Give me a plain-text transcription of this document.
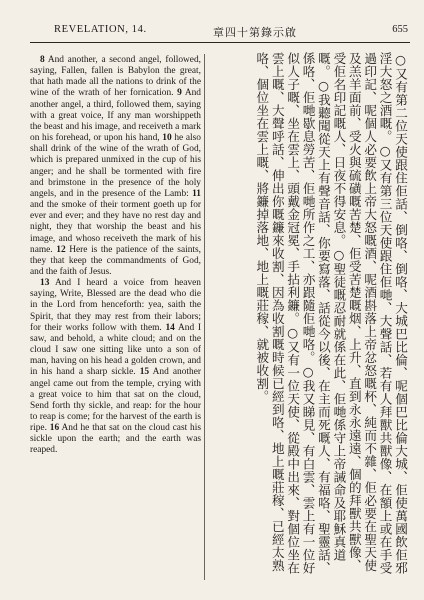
REVELATION, 14.	章四十第錄示啟	655

8 And another, a second angel, followed, saying, Fallen, fallen is Babylon the great, that hath made all the nations to drink of the wine of the wrath of her fornication. 9 And another angel, a third, followed them, saying with a great voice, If any man worshippeth the beast and his image, and receiveth a mark on his forehead, or upon his hand, 10 he also shall drink of the wine of the wrath of God, which is prepared unmixed in the cup of his anger; and he shall be tormented with fire and brimstone in the presence of the holy angels, and in the presence of the Lamb: 11 and the smoke of their torment goeth up for ever and ever; and they have no rest day and night, they that worship the beast and his image, and whoso receiveth the mark of his name. 12 Here is the patience of the saints, they that keep the commandments of God, and the faith of Jesus.

13 And I heard a voice from heaven saying, Write, Blessed are the dead who die in the Lord from henceforth: yea, saith the Spirit, that they may rest from their labors; for their works follow with them. 14 And I saw, and behold, a white cloud; and on the cloud I saw one sitting like unto a son of man, having on his head a golden crown, and in his hand a sharp sickle. 15 And another angel came out from the temple, crying with a great voice to him that sat on the cloud, Send forth thy sickle, and reap: for the hour to reap is come; for the harvest of the earth is ripe. 16 And he that sat on the cloud cast his sickle upon the earth; and the earth was reaped.	○又有第二位天使跟住佢話、倒咯、倒咯、大城巴比倫、呢個巴比倫大城、佢使萬國飲佢邪淫大怒之酒嘅。○又有第三位天使跟住佢哋、大聲話、若有人拜獸共獸像、在額上或在手受過印記、呢個人必要飲上帝大怒嘅酒、呢酒斟落上帝忿怒嘅杯、純而不雜、佢必要在聖天使及羔羊面前、受火與硫磺嘅苦楚、佢受苦楚嘅烟、上升、直到永永遠遠、個的拜獸共獸像、受佢名印記嘅人、日夜不得安息。○聖徒嘅忍耐就係在此、佢哋係守上帝誡命及耶穌真道嘅。○我聽聞從天上有聲音話、你要寫落、話從今以後、在主而死嘅人、有福咯、聖靈話、係咯、佢哋歇息勞苦、佢哋所作之工、亦跟隨佢哋咯。○我又睇見、有白雲、雲上有一位好似人子嘅、坐在雲上、頭戴金冠冕、手拈利鐮。○又有一位天使、從殿中出來、對個位坐在雲上嘅、大聲呼話、伸出你嘅鐮來收割、因為收割嘅時候已經到咯、地上嘅莊稼、已經太熟咯、個位坐在雲上嘅、將鐮掉落地、地上嘅莊稼、就被收割。
